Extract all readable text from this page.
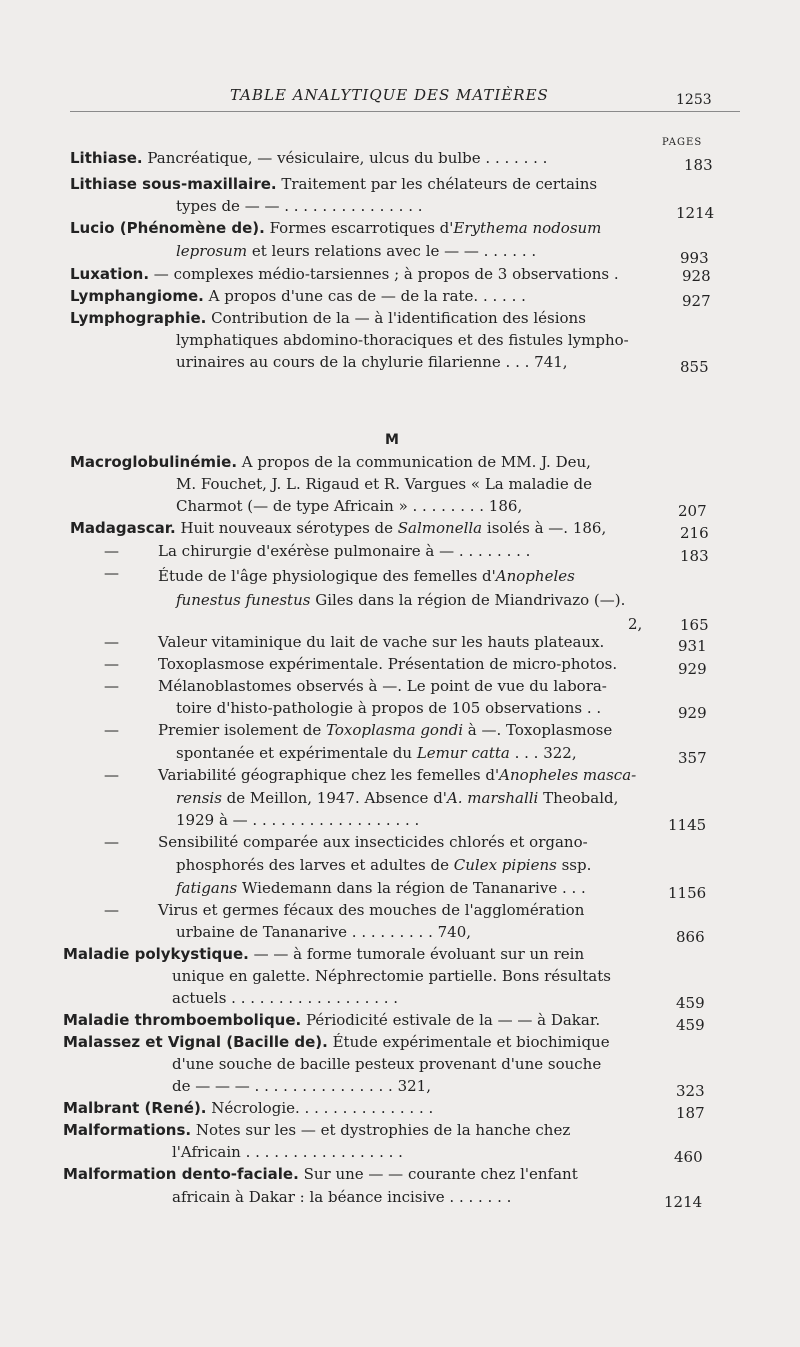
TABLE ANALYTIQUE DES MATIÈRES	1253
PAGES
Lithiase. Pancréatique, — vésiculaire, ulcus du bulbe . . . . . . .	183
Lithiase sous-maxillaire. Traitement par les chélateurs de certains
types de — — . . . . . . . . . . . . . . .	1214
Lucio (Phénomène de). Formes escarrotiques d'Erythema nodosum
leprosum et leurs relations avec le — — . . . . . .	993
Luxation. — complexes médio-tarsiennes ; à propos de 3 observations .	928
Lymphangiome. A propos d'une cas de — de la rate. . . . . .	927
Lymphographie. Contribution de la — à l'identification des lésions
lymphatiques abdomino-thoraciques et des fistules lympho-
urinaires au cours de la chylurie filarienne . . . 741,	855
M
Macroglobulinémie. A propos de la communication de MM. J. Deu,
M. Fouchet, J. L. Rigaud et R. Vargues « La maladie de
Charmot (— de type Africain » . . . . . . . . 186,	207
Madagascar. Huit nouveaux sérotypes de Salmonella isolés à —. 186,	216
—	La chirurgie d'exérèse pulmonaire à — . . . . . . . .	183
—	Étude de l'âge physiologique des femelles d'Anopheles
funestus funestus Giles dans la région de Miandrivazo (—).
2,	165
—	Valeur vitaminique du lait de vache sur les hauts plateaux.	931
—	Toxoplasmose expérimentale. Présentation de micro-photos.	929
—	Mélanoblastomes observés à —. Le point de vue du labora-
toire d'histo-pathologie à propos de 105 observations . .	929
—	Premier isolement de Toxoplasma gondi à —. Toxoplasmose
spontanée et expérimentale du Lemur catta . . . 322,	357
—	Variabilité géographique chez les femelles d'Anopheles masca-
rensis de Meillon, 1947. Absence d'A. marshalli Theobald,
1929 à — . . . . . . . . . . . . . . . . . .	1145
—	Sensibilité comparée aux insecticides chlorés et organo-
phosphorés des larves et adultes de Culex pipiens ssp.
fatigans Wiedemann dans la région de Tananarive . . .	1156
—	Virus et germes fécaux des mouches de l'agglomération
urbaine de Tananarive . . . . . . . . . 740,	866
Maladie polykystique. — — à forme tumorale évoluant sur un rein
unique en galette. Néphrectomie partielle. Bons résultats
actuels . . . . . . . . . . . . . . . . . .	459
Maladie thromboembolique. Périodicité estivale de la — — à Dakar.	459
Malassez et Vignal (Bacille de). Étude expérimentale et biochimique
d'une souche de bacille pesteux provenant d'une souche
de — — — . . . . . . . . . . . . . . . 321,	323
Malbrant (René). Nécrologie. . . . . . . . . . . . . . .	187
Malformations. Notes sur les — et dystrophies de la hanche chez
l'Africain . . . . . . . . . . . . . . . . .	460
Malformation dento-faciale. Sur une — — courante chez l'enfant
africain à Dakar : la béance incisive . . . . . . .	1214
